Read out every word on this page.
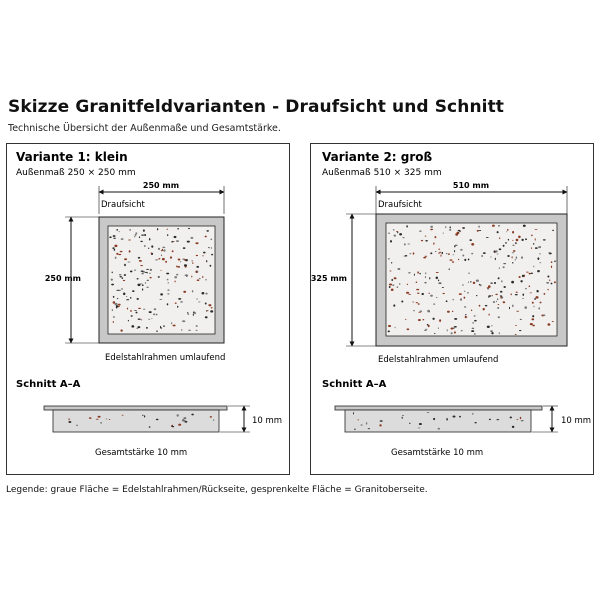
Skizze Granitfeldvarianten - Draufsicht und Schnitt
Technische Übersicht der Außenmaße und Gesamtstärke.
Variante 1: klein
Außenmaß 250 × 250 mm
250 mm
Draufsicht
250 mm
Edelstahlrahmen umlaufend
Schnitt A–A
10 mm
Gesamtstärke 10 mm
Variante 2: groß
Außenmaß 510 × 325 mm
510 mm
Draufsicht
325 mm
Edelstahlrahmen umlaufend
Schnitt A–A
10 mm
Gesamtstärke 10 mm
Legende: graue Fläche = Edelstahlrahmen/Rückseite, gesprenkelte Fläche = Granitoberseite.
